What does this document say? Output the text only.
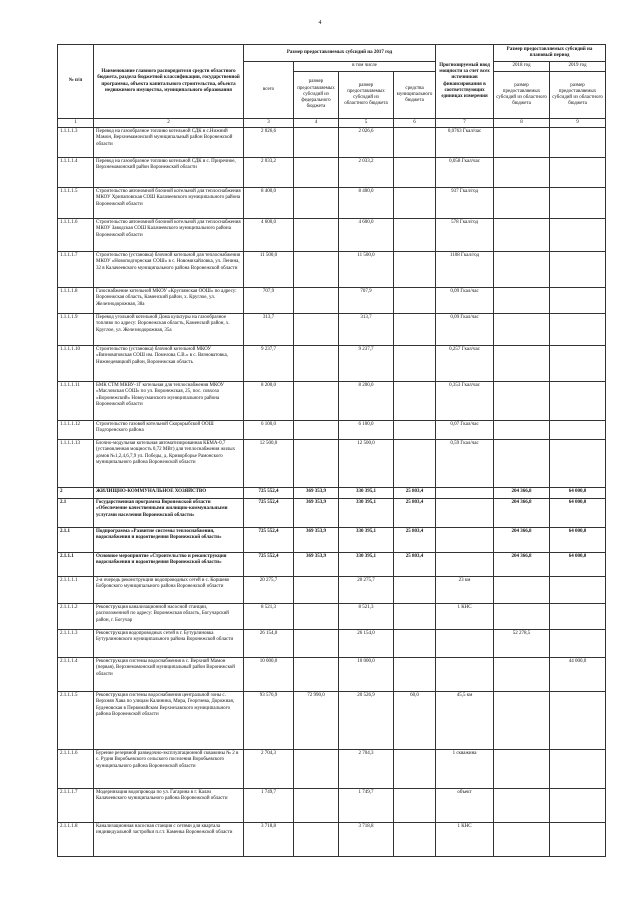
4
№ п/п	Наименование главного распорядителя средств областного бюджета, раздела бюджетной классификации, государственной программы, объекта капитального строительства, объекта недвижимого имущества, муниципального образования	Размер предоставляемых субсидий на 2017 год				Прогнозируемый ввод мощности за счет всех источников финансирования в соответствующих единицах измерения	Размер предоставляемых субсидий на плановый период	
		всего	в том числе				2018 год	2019 год
			размер предоставляемых субсидий из федерального бюджета	размер предоставляемых субсидий из областного бюджета	средства муниципального бюджета		размер предоставляемых субсидий из областного бюджета	размер предоставляемых субсидий из областного бюджета

1	2	3	4	5	6	7	8	9
1.1.1.1.3	Перевод на газообразное топливо котельной СДК в с.Нижний Мамон, Верхнемамонский муниципальный район Воронежской области	2 026,6		2 026,6		0,0763 Гкал/час		
1.1.1.1.4	Перевод на газообразное топливо котельной СДК в с. Приречное, Верхнемамонский район Воронежской области	2 033,2		2 033,2		0,058 Гкал/час		
1.1.1.1.5	Строительство автономной блочной котельной для теплоснабжения МКОУ Хрипаповская СОШ Калачеевского муниципального района Воронежской области	8 400,0		8 400,0		937 Гкал/год		
1.1.1.1.6	Строительство автономной блочной котельной для теплоснабжения МКОУ Заводская СОШ Калачеевского муниципального района Воронежской области	4 600,0		4 600,0		578 Гкал/год		
1.1.1.1.7	Строительство (установка) блочной котельной для теплоснабжения МКОУ «Новоподгорнская СОШ» в с. Новомихайловка, ул. Ленина, 32 в Калачеевского муниципального района Воронежской области	11 500,0		11 500,0		1108 Гкал/год		
1.1.1.1.8	Газоснабжение котельной МКОУ «Круглянская ООШ» по адресу: Воронежская область, Каменский район, х. Круглое, ул. Железнодорожная, 38а	707,9		707,9		0,09 Гкал/час		
1.1.1.1.9	Перевод угольной котельной Дома культуры на газообразное топливо по адресу: Воронежская область, Каменский район, х. Круглое, ул. Железнодорожная, 35а	313,7		313,7		0,09 Гкал/час		
1.1.1.1.10	Строительство (установка) блочной котельной МКОУ «Вязноватовская СОШ им. Помелова С.В.» в с. Вязноватовка, Нижнедевицкий район, Воронежская область	9 237,7		9 237,7		0,257 Гкал/час		
1.1.1.1.11	БМК СТМ МКВУ-1Г котельная для теплоснабжения МКОУ «Масловская СОШ» по ул. Воронежская, 25, пос. совхоза «Воронежский» Новоусманского муниципального района Воронежской области	8 200,0		8 200,0		0,353 Гкал/час		
1.1.1.1.12	Строительство газовой котельной Скорорыбской ООШ Подгоренского района	6 100,0		6 100,0		0,07 Гкал/час		
1.1.1.1.13	Блочно-модульная котельная автоматизированная КБМА-0,7 (установленная мощность 0,72 МВт) для теплоснабжения жилых домов №1,2,4,6,7,9 ул. Победы, д. Криворборье Рамонского муниципального района Воронежской области	12 500,0		12 500,0		0,59 Гкал/час		
2	ЖИЛИЩНО-КОММУНАЛЬНОЕ ХОЗЯЙСТВО	725 552,4	369 353,9	330 395,1	25 803,4		204 366,8	64 000,0
2.1	Государственная программа Воронежской области «Обеспечение качественными жилищно-коммунальными услугами населения Воронежской области»	725 552,4	369 353,9	330 395,1	25 803,4		204 366,8	64 000,0
2.1.1	Подпрограмма «Развитие системы теплоснабжения, водоснабжения и водоотведения Воронежской области»	725 552,4	369 353,9	330 395,1	25 803,4		204 366,8	64 000,0
2.1.1.1	Основное мероприятие «Строительство и реконструкция водоснабжения и водоотведения Воронежской области»	725 552,4	369 353,9	330 395,1	25 803,4		204 366,8	64 000,0
2.1.1.1.1	2-я очередь реконструкции водопроводных сетей в с. Коршево Бобровского муниципального района Воронежской области	20 275,7		20 275,7		23 км		
2.1.1.1.2	Реконструкция канализационной насосной станции, расположенной по адресу: Воронежская область, Богучарский район, г. Богучар	8 521,3		8 521,3		1 КНС		
2.1.1.1.3	Реконструкция водопроводных сетей в г. Бутурлиновка Бутурлиновского муниципального района Воронежской области	26 154,0		26 154,0			52 278,5	
2.1.1.1.4	Реконструкция системы водоснабжения в с. Верхний Мамон (первая), Верхнемамонский муниципальный район Воронежской области	10 000,0		10 000,0				44 000,0
2.1.1.1.5	Реконструкция системы водоснабжения центральной зоны с. Верхняя Хава по улицам Калинина, Мира, Георгиева, Дорожная, Буденовская в Первомайском Верхнехавского муниципального района Воронежской области	93 576,9	72 990,0	20 526,9	60,0	45,5 км		
2.1.1.1.6	Бурение резервной разведочно-эксплуатационной скважины № 2 в с. Рудня Воробьевского сельского поселения Воробьевского муниципального района Воронежской области	2 704,3		2 704,3		1 скважина		
2.1.1.1.7	Модернизация водопровода по ул. Гагарина в г. Калач Калачеевского муниципального района Воронежской области	1 749,7		1 749,7		объект		
2.1.1.1.8	Канализационная насосная станция с сетями для квартала индивидуальной застройки п.г.т. Каменка Воронежской области	3 718,8		3 718,8		1 КНС		
